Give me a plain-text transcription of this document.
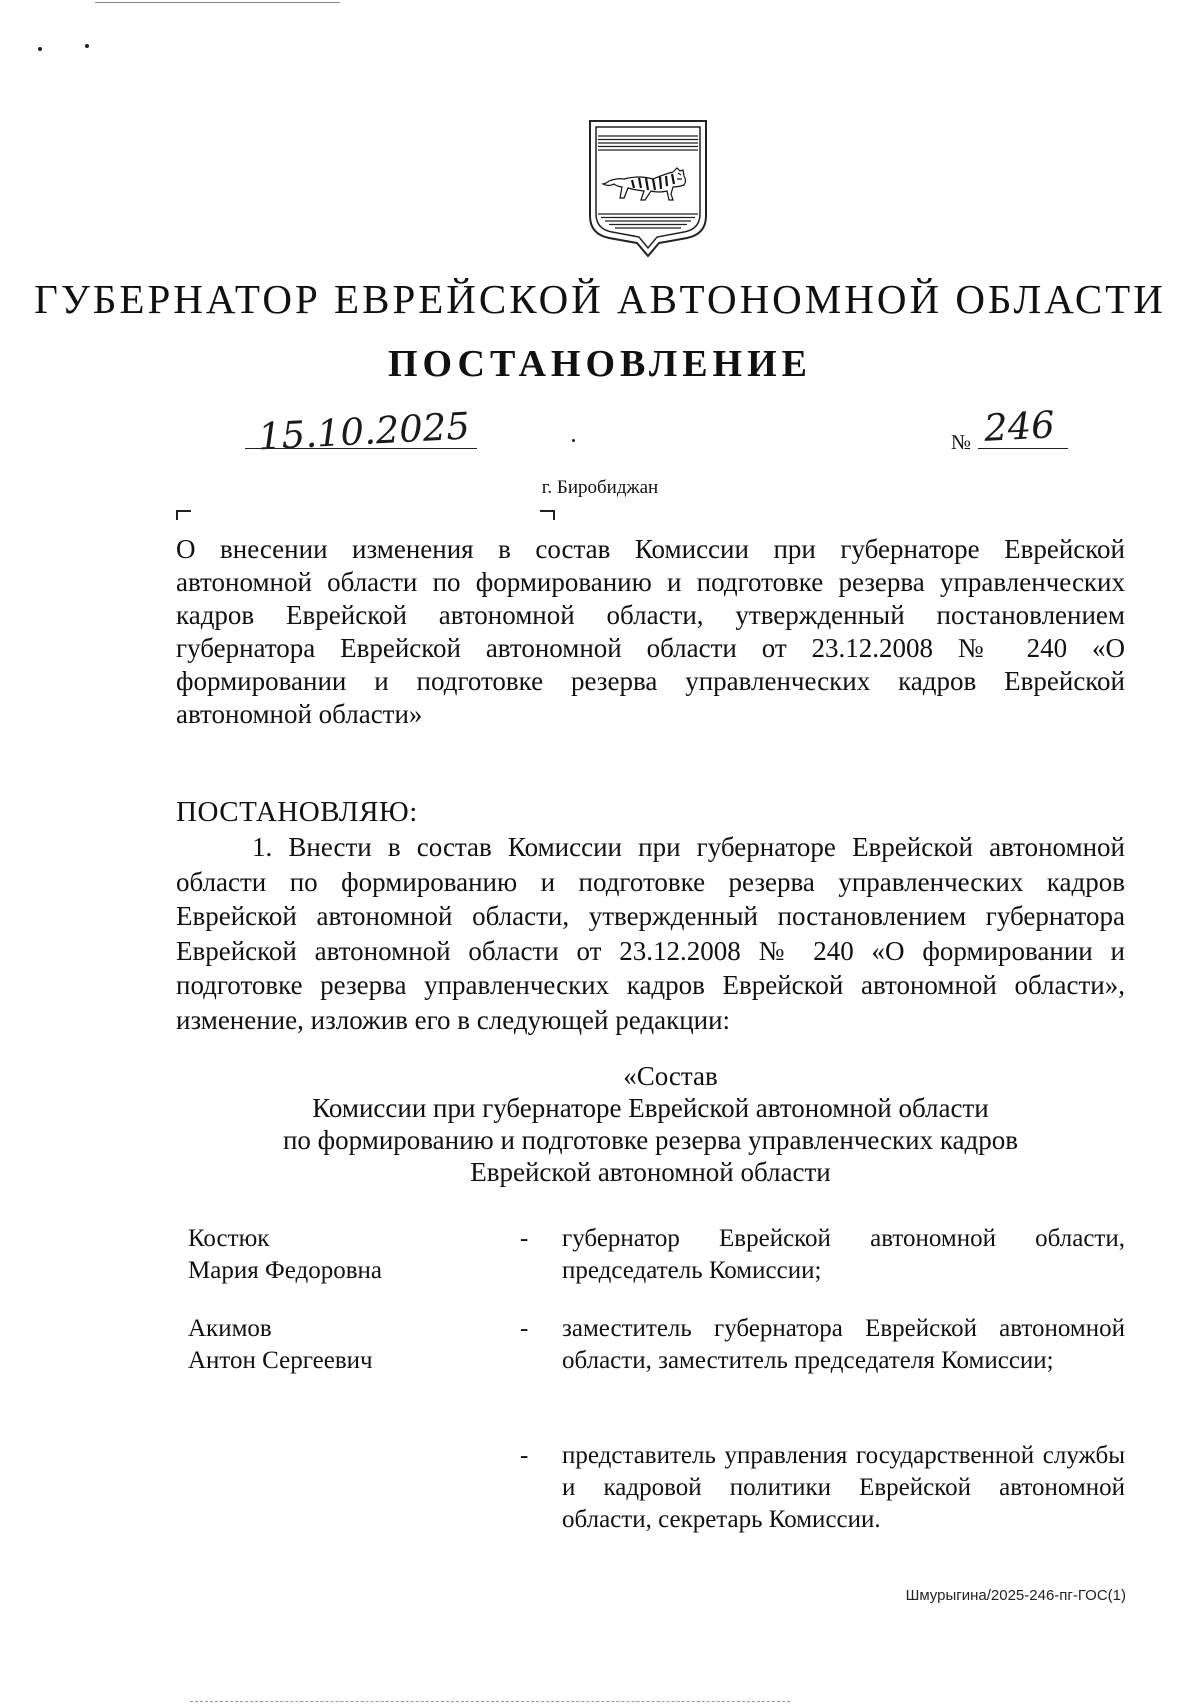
ГУБЕРНАТОР ЕВРЕЙСКОЙ АВТОНОМНОЙ ОБЛАСТИ
ПОСТАНОВЛЕНИЕ
15.10.2025	№ 246
г. Биробиджан
О внесении изменения в состав Комиссии при губернаторе Еврейской автономной области по формированию и подготовке резерва управленческих кадров Еврейской автономной области, утвержденный постановлением губернатора Еврейской автономной области от 23.12.2008 № 240 «О формировании и подготовке резерва управленческих кадров Еврейской автономной области»
ПОСТАНОВЛЯЮ:
1. Внести в состав Комиссии при губернаторе Еврейской автономной области по формированию и подготовке резерва управленческих кадров Еврейской автономной области, утвержденный постановлением губернатора Еврейской автономной области от 23.12.2008 № 240 «О формировании и подготовке резерва управленческих кадров Еврейской автономной области», изменение, изложив его в следующей редакции:
«Состав
Комиссии при губернаторе Еврейской автономной области
по формированию и подготовке резерва управленческих кадров
Еврейской автономной области
Костюк
Мария Федоровна
- губернатор Еврейской автономной области, председатель Комиссии;
Акимов
Антон Сергеевич
- заместитель губернатора Еврейской автономной области, заместитель председателя Комиссии;
- представитель управления государственной службы и кадровой политики Еврейской автономной области, секретарь Комиссии.
Шмурыгина/2025-246-пг-ГОС(1)
